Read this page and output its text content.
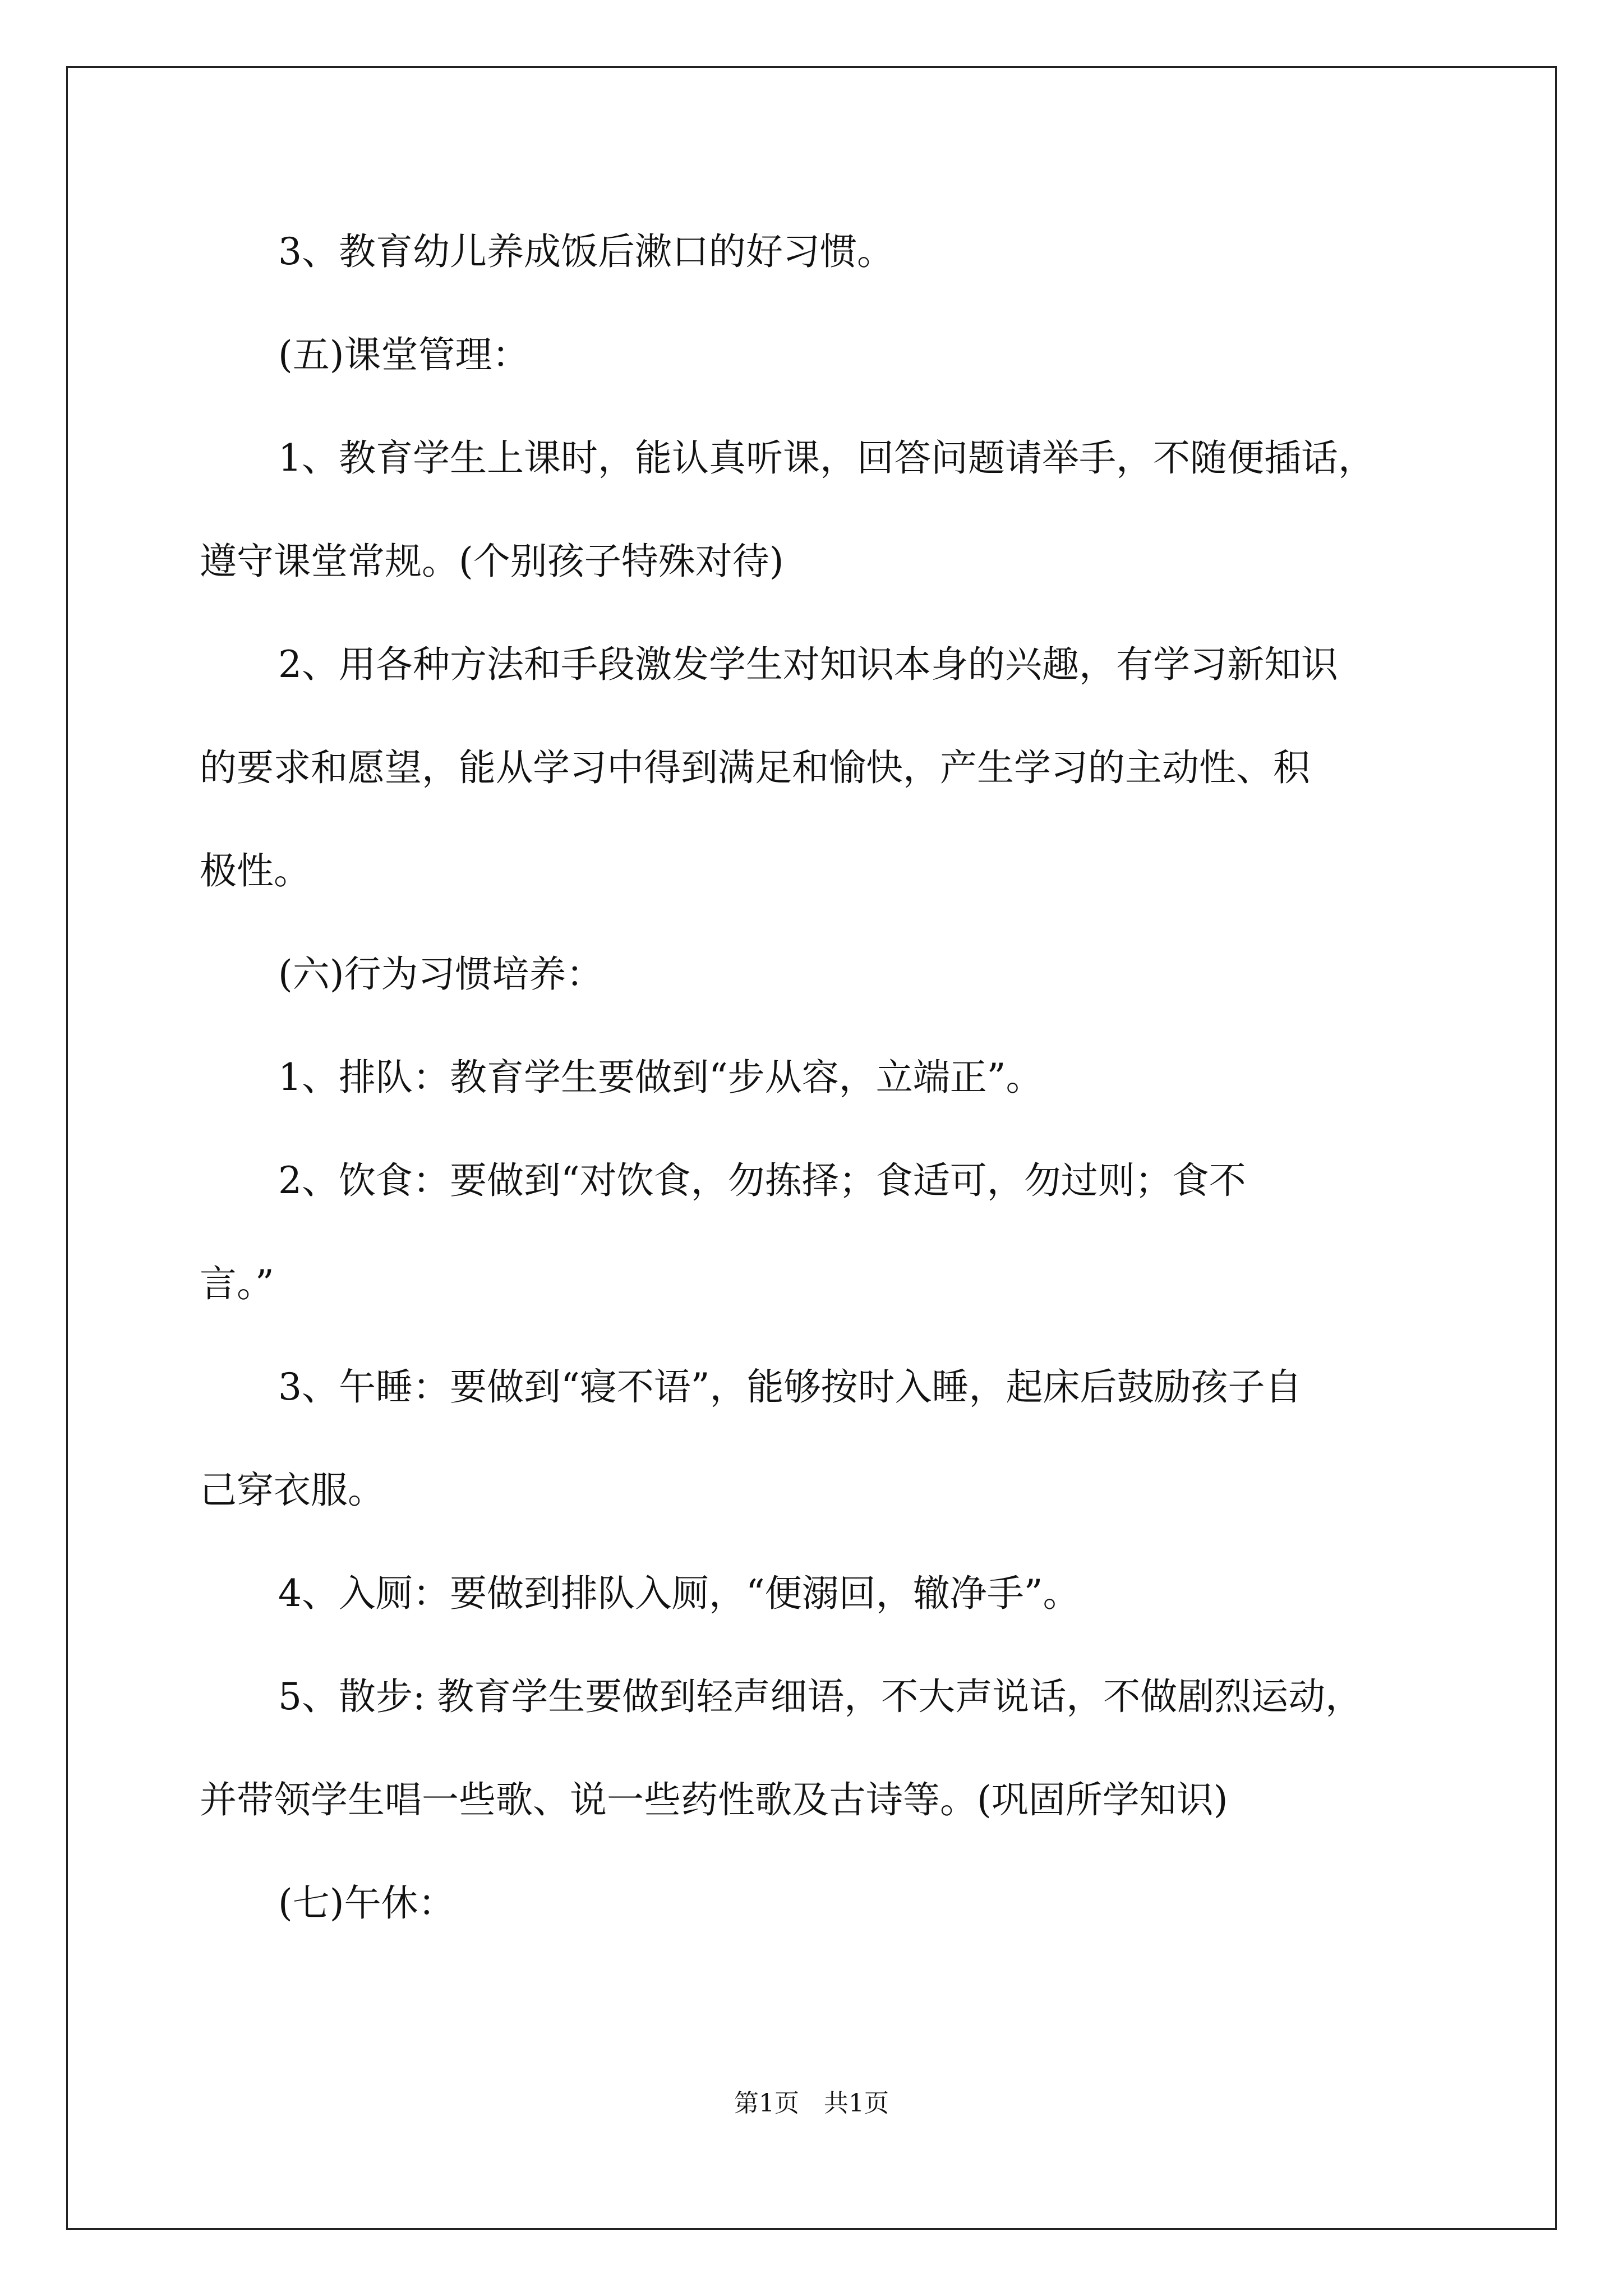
3、教育幼儿养成饭后漱口的好习惯。
(五)课堂管理：
1、教育学生上课时，能认真听课，回答问题请举手，不随便插话，
遵守课堂常规。(个别孩子特殊对待)
2、用各种方法和手段激发学生对知识本身的兴趣，有学习新知识
的要求和愿望，能从学习中得到满足和愉快，产生学习的主动性、积
极性。
(六)行为习惯培养：
1、排队：教育学生要做到“步从容，立端正”。
2、饮食：要做到“对饮食，勿拣择；食适可，勿过则；食不
言。”
3、午睡：要做到“寝不语”，能够按时入睡，起床后鼓励孩子自
己穿衣服。
4、入厕：要做到排队入厕，“便溺回，辙净手”。
5、散步: 教育学生要做到轻声细语，不大声说话，不做剧烈运动，
并带领学生唱一些歌、说一些药性歌及古诗等。(巩固所学知识)
(七)午休：
第1页　共1页
